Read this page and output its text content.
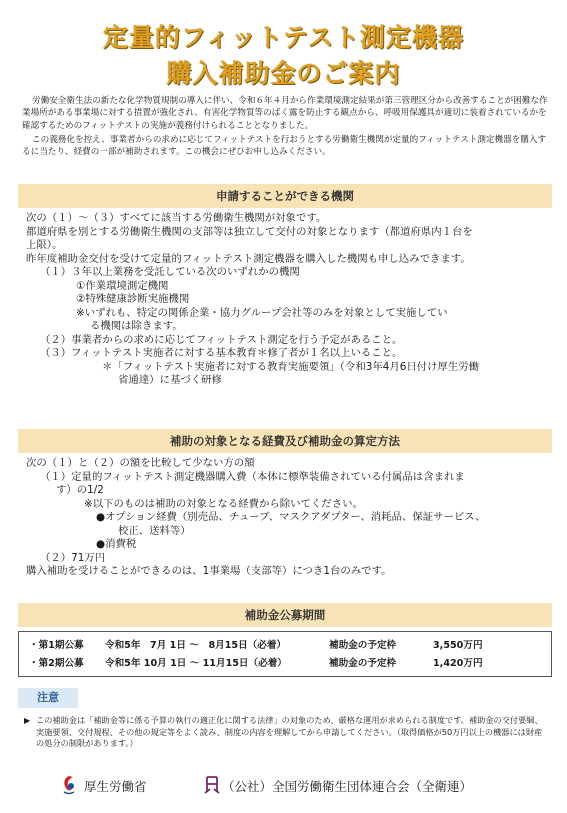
定量的フィットテスト測定機器
購入補助金のご案内

労働安全衛生法の新たな化学物質規制の導入に伴い、令和６年４月から作業環境測定結果が第三管理区分から改善することが困難な作業場所がある事業場に対する措置が強化され、有害化学物質等のばく露を防止する観点から、呼吸用保護具が適切に装着されているかを確認するためのフィットテストの実施が義務付けられることとなりました。

この義務化を控え、事業者からの求めに応じてフィットテストを行おうとする労働衛生機関が定量的フィットテスト測定機器を購入するに当たり、経費の一部が補助されます。この機会にぜひお申し込みください。

申請することができる機関
次の（１）～（３）すべてに該当する労働衛生機関が対象です。
都道府県を別とする労働衛生機関の支部等は独立して交付の対象となります（都道府県内１台を
上限）。
昨年度補助金交付を受けて定量的フィットテスト測定機器を購入した機関も申し込みできます。
（１）３年以上業務を受託している次のいずれかの機関
①作業環境測定機関
②特殊健康診断実施機関
※いずれも、特定の関係企業・協力グループ会社等のみを対象として実施してい
る機関は除きます。
（２）事業者からの求めに応じてフィットテスト測定を行う予定があること。
（３）フィットテスト実施者に対する基本教育＊修了者が１名以上いること。
＊「フィットテスト実施者に対する教育実施要領」（令和3年4月6日付け厚生労働
省通達）に基づく研修
補助の対象となる経費及び補助金の算定方法
次の（１）と（２）の額を比較して少ない方の額
（１）定量的フィットテスト測定機器購入費（本体に標準装備されている付属品は含まれま
す）の1/2
※以下のものは補助の対象となる経費から除いてください。
●オプション経費（別売品、チューブ、マスクアダプター、消耗品、保証サービス、
校正、送料等）
●消費税
（２）71万円
購入補助を受けることができるのは、1事業場（支部等）につき1台のみです。
補助金公募期間
・第1期公募 令和5年　7月 1日 ～　8月15日（必着）	補助金の予定枠	3,550万円
・第2期公募 令和5年 10月 1日 ～ 11月15日（必着）	補助金の予定枠	1,420万円
注意
▶ この補助金は「補助金等に係る予算の執行の適正化に関する法律」の対象のため、厳格な運用が求められる制度です。補助金の交付要綱、実施要領、交付規程、その他の規定等をよく読み、制度の内容を理解してから申請してください。（取得価格が50万円以上の機器には財産の処分の制限があります。）
厚生労働省	（公社）全国労働衛生団体連合会（全衛連）
